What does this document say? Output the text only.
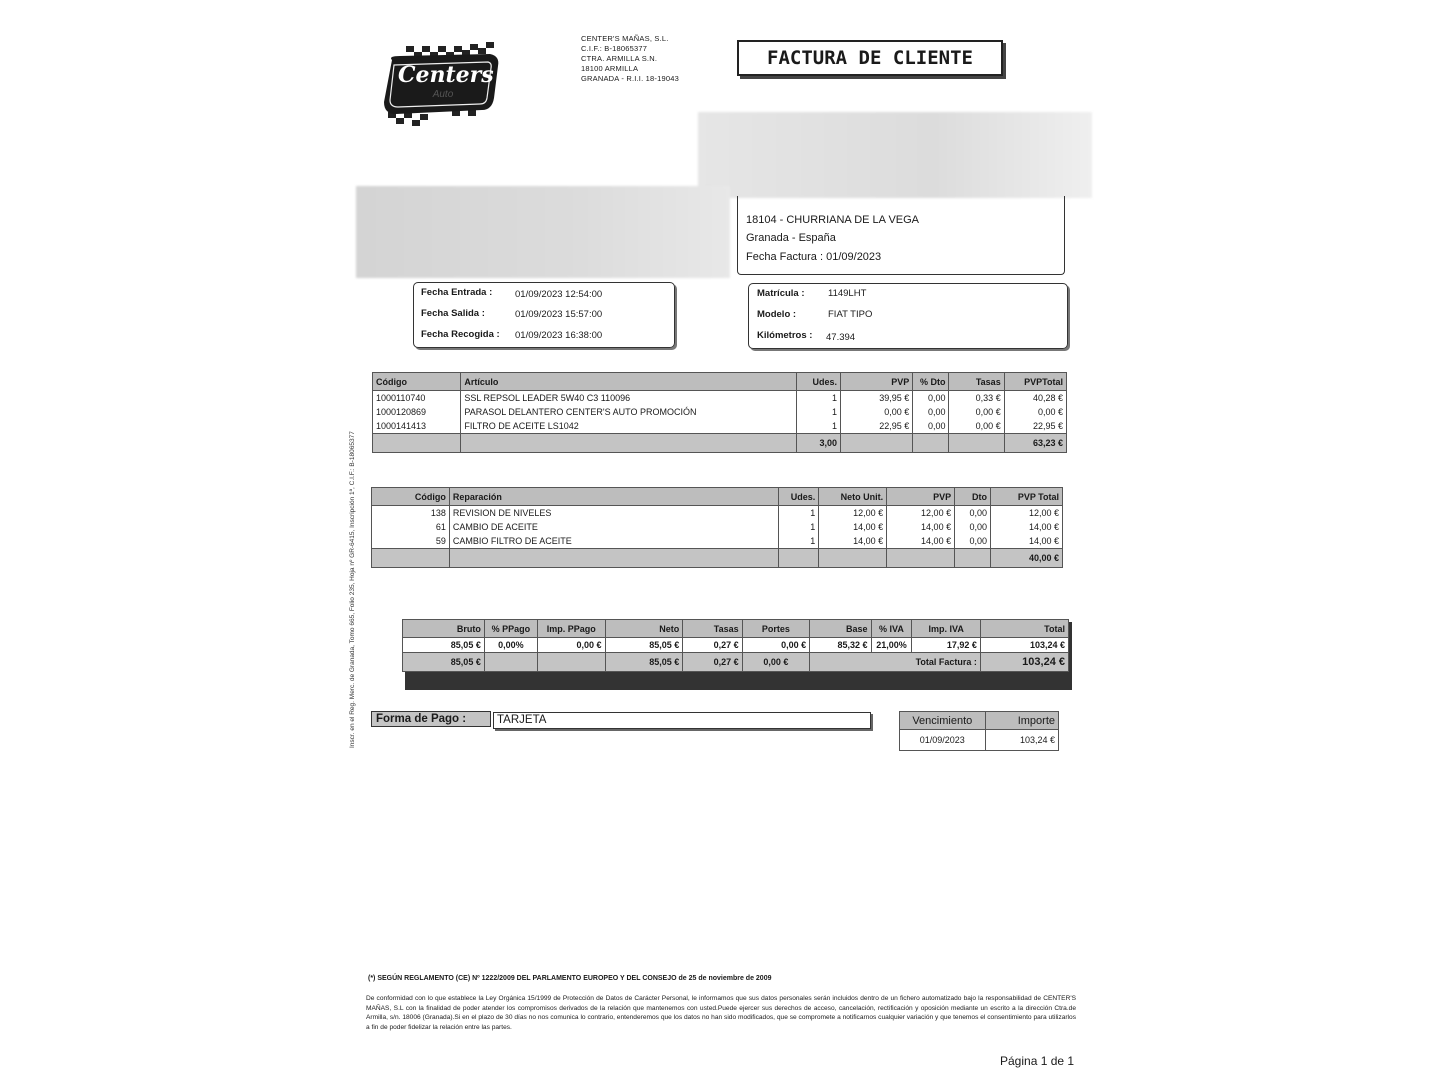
Centers
Auto
CENTER'S MAÑAS, S.L.
C.I.F.: B-18065377
CTRA. ARMILLA S.N.
18100 ARMILLA
GRANADA - R.I.I. 18-19043
FACTURA DE CLIENTE
18104 - CHURRIANA DE LA VEGA
Granada - España
Fecha Factura : 01/09/2023
Fecha Entrada : 01/09/2023 12:54:00
Fecha Salida :	01/09/2023 15:57:00
Fecha Recogida : 01/09/2023 16:38:00
Matrícula : 1149LHT
Modelo :	FIAT TIPO
Kilómetros : 47.394
Inscr. en el Reg. Merc. de Granada, Tomo 665, Folio 235, Hoja nº GR-6415, Inscripción 1ª, C.I.F.: B-18065377
Código	Artículo	Udes.	PVP	% Dto	Tasas	PVPTotal
1000110740	SSL REPSOL LEADER 5W40 C3 110096	1	39,95 €	0,00	0,33 €	40,28 €
1000120869	PARASOL DELANTERO CENTER'S AUTO PROMOCIÓN	1	0,00 €	0,00	0,00 €	0,00 €
1000141413	FILTRO DE ACEITE LS1042	1	22,95 €	0,00	0,00 €	22,95 €
		3,00				63,23 €
Código	Reparación	Udes.	Neto Unit.	PVP	Dto	PVP Total
138	REVISION DE NIVELES	1	12,00 €	12,00 €	0,00	12,00 €
61	CAMBIO DE ACEITE	1	14,00 €	14,00 €	0,00	14,00 €
59	CAMBIO FILTRO DE ACEITE	1	14,00 €	14,00 €	0,00	14,00 €
						40,00 €
Bruto	% PPago	Imp. PPago	Neto	Tasas	Portes	Base	% IVA	Imp. IVA	Total
85,05 €	0,00%	0,00 €	85,05 €	0,27 €	0,00 €	85,32 €	21,00%	17,92 €	103,24 €
85,05 €			85,05 €	0,27 €	0,00 €	Total Factura :			103,24 €
Forma de Pago :	TARJETA	Vencimiento	Importe
01/09/2023	103,24 €
(*) SEGÚN REGLAMENTO (CE) Nº 1222/2009 DEL PARLAMENTO EUROPEO Y DEL CONSEJO de 25 de noviembre de 2009
De conformidad con lo que establece la Ley Orgánica 15/1999 de Protección de Datos de Carácter Personal, le informamos que sus datos personales serán incluidos dentro de un fichero automatizado bajo la responsabilidad de CENTER'S MAÑAS, S.L con la finalidad de poder atender los compromisos derivados de la relación que mantenemos con usted.Puede ejercer sus derechos de acceso, cancelación, rectificación y oposición mediante un escrito a la dirección Ctra.de Armilla, s/n. 18006 (Granada).Si en el plazo de 30 días no nos comunica lo contrario, entenderemos que los datos no han sido modificados, que se compromete a notificarnos cualquier variación y que tenemos el consentimiento para utilizarlos a fin de poder fidelizar la relación entre las partes.
Página 1 de 1
